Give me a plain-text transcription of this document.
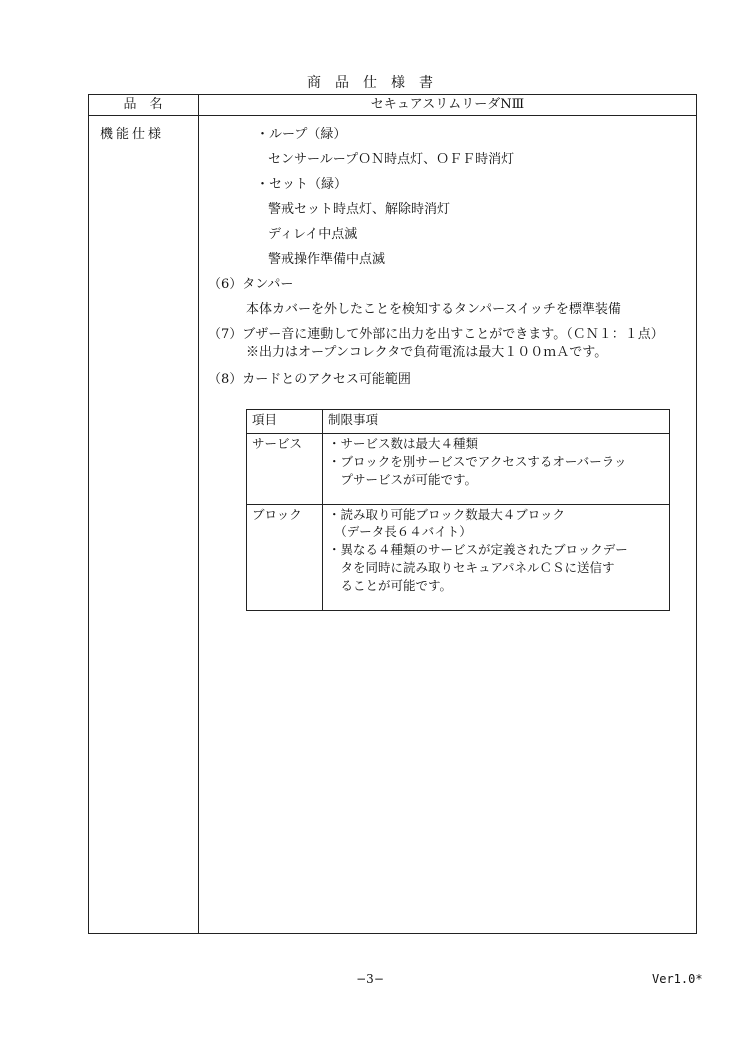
商　品　仕　様　書
品　名	セキュアスリムリーダNⅢ
機能仕様	・ループ（緑）
センサーループＯＮ時点灯、ＯＦＦ時消灯
・セット（緑）
警戒セット時点灯、解除時消灯
ディレイ中点滅
警戒操作準備中点滅
（6）タンパー
本体カバーを外したことを検知するタンパースイッチを標準装備
（7）ブザー音に連動して外部に出力を出すことができます。（ＣＮ１：１点）
※出力はオープンコレクタで負荷電流は最大１００ｍＡです。
（8）カードとのアクセス可能範囲
項目	制限事項
サービス ・サービス数は最大４種類
・ブロックを別サービスでアクセスするオーバーラッ
　プサービスが可能です。
ブロック ・読み取り可能ブロック数最大４ブロック
　（データ長６４バイト）
・異なる４種類のサービスが定義されたブロックデー
　タを同時に読み取りセキュアパネルＣＳに送信す
　ることが可能です。
−3−	Ver1.0*
